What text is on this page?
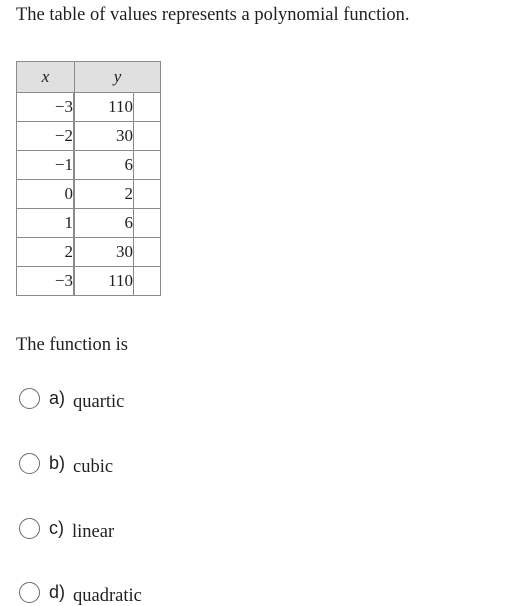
The table of values represents a polynomial function.
x	y
−3	110
−2	30
−1	6
0	2
1	6
2	30
−3	110
The function is
a) quartic
b) cubic
c) linear
d) quadratic
